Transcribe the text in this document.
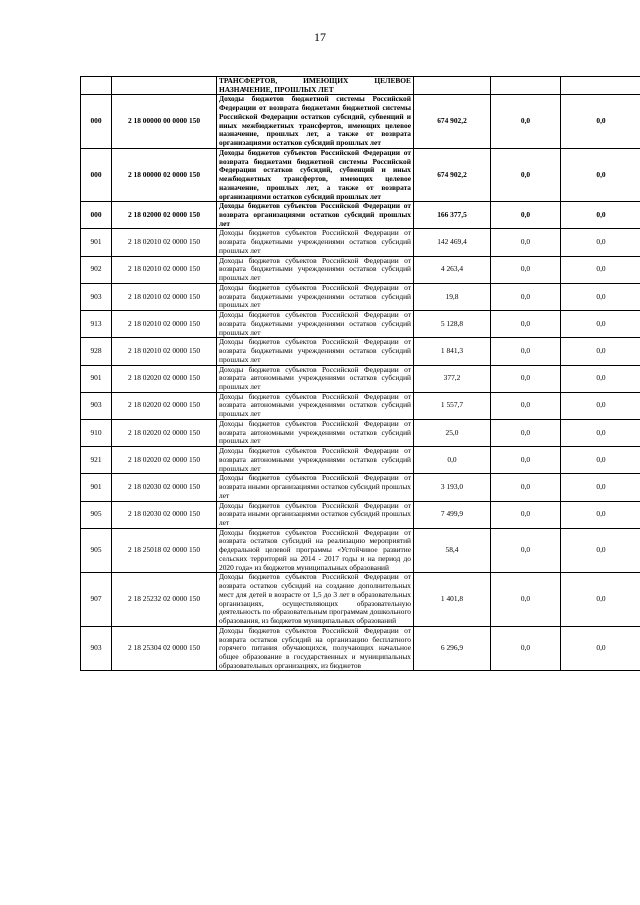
17
		ТРАНСФЕРТОВ, ИМЕЮЩИХ ЦЕЛЕВОЕ НАЗНАЧЕНИЕ, ПРОШЛЫХ ЛЕТ			
000	2 18 00000 00 0000 150	Доходы бюджетов бюджетной системы Российской Федерации от возврата бюджетами бюджетной системы Российской Федерации остатков субсидий, субвенций и иных межбюджетных трансфертов, имеющих целевое назначение, прошлых лет, а также от возврата организациями остатков субсидий прошлых лет	674 902,2	0,0	0,0
000	2 18 00000 02 0000 150	Доходы бюджетов субъектов Российской Федерации от возврата бюджетами бюджетной системы Российской Федерации остатков субсидий, субвенций и иных межбюджетных трансфертов, имеющих целевое назначение, прошлых лет, а также от возврата организациями остатков субсидий прошлых лет	674 902,2	0,0	0,0
000	2 18 02000 02 0000 150	Доходы бюджетов субъектов Российской Федерации от возврата организациями остатков субсидий прошлых лет	166 377,5	0,0	0,0
901	2 18 02010 02 0000 150	Доходы бюджетов субъектов Российской Федерации от возврата бюджетными учреждениями остатков субсидий прошлых лет	142 469,4	0,0	0,0
902	2 18 02010 02 0000 150	Доходы бюджетов субъектов Российской Федерации от возврата бюджетными учреждениями остатков субсидий прошлых лет	4 263,4	0,0	0,0
903	2 18 02010 02 0000 150	Доходы бюджетов субъектов Российской Федерации от возврата бюджетными учреждениями остатков субсидий прошлых лет	19,8	0,0	0,0
913	2 18 02010 02 0000 150	Доходы бюджетов субъектов Российской Федерации от возврата бюджетными учреждениями остатков субсидий прошлых лет	5 128,8	0,0	0,0
928	2 18 02010 02 0000 150	Доходы бюджетов субъектов Российской Федерации от возврата бюджетными учреждениями остатков субсидий прошлых лет	1 841,3	0,0	0,0
901	2 18 02020 02 0000 150	Доходы бюджетов субъектов Российской Федерации от возврата автономными учреждениями остатков субсидий прошлых лет	377,2	0,0	0,0
903	2 18 02020 02 0000 150	Доходы бюджетов субъектов Российской Федерации от возврата автономными учреждениями остатков субсидий прошлых лет	1 557,7	0,0	0,0
910	2 18 02020 02 0000 150	Доходы бюджетов субъектов Российской Федерации от возврата автономными учреждениями остатков субсидий прошлых лет	25,0	0,0	0,0
921	2 18 02020 02 0000 150	Доходы бюджетов субъектов Российской Федерации от возврата автономными учреждениями остатков субсидий прошлых лет	0,0	0,0	0,0
901	2 18 02030 02 0000 150	Доходы бюджетов субъектов Российской Федерации от возврата иными организациями остатков субсидий прошлых лет	3 193,0	0,0	0,0
905	2 18 02030 02 0000 150	Доходы бюджетов субъектов Российской Федерации от возврата иными организациями остатков субсидий прошлых лет	7 499,9	0,0	0,0
905	2 18 25018 02 0000 150	Доходы бюджетов субъектов Российской Федерации от возврата остатков субсидий на реализацию мероприятий федеральной целевой программы «Устойчивое развитие сельских территорий на 2014 - 2017 годы и на период до 2020 года» из бюджетов муниципальных образований	58,4	0,0	0,0
907	2 18 25232 02 0000 150	Доходы бюджетов субъектов Российской Федерации от возврата остатков субсидий на создание дополнительных мест для детей в возрасте от 1,5 до 3 лет в образовательных организациях, осуществляющих образовательную деятельность по образовательным программам дошкольного образования, из бюджетов муниципальных образований	1 401,8	0,0	0,0
903	2 18 25304 02 0000 150	Доходы бюджетов субъектов Российской Федерации от возврата остатков субсидий на организацию бесплатного горячего питания обучающихся, получающих начальное общее образование в государственных и муниципальных образовательных организациях, из бюджетов	6 296,9	0,0	0,0
